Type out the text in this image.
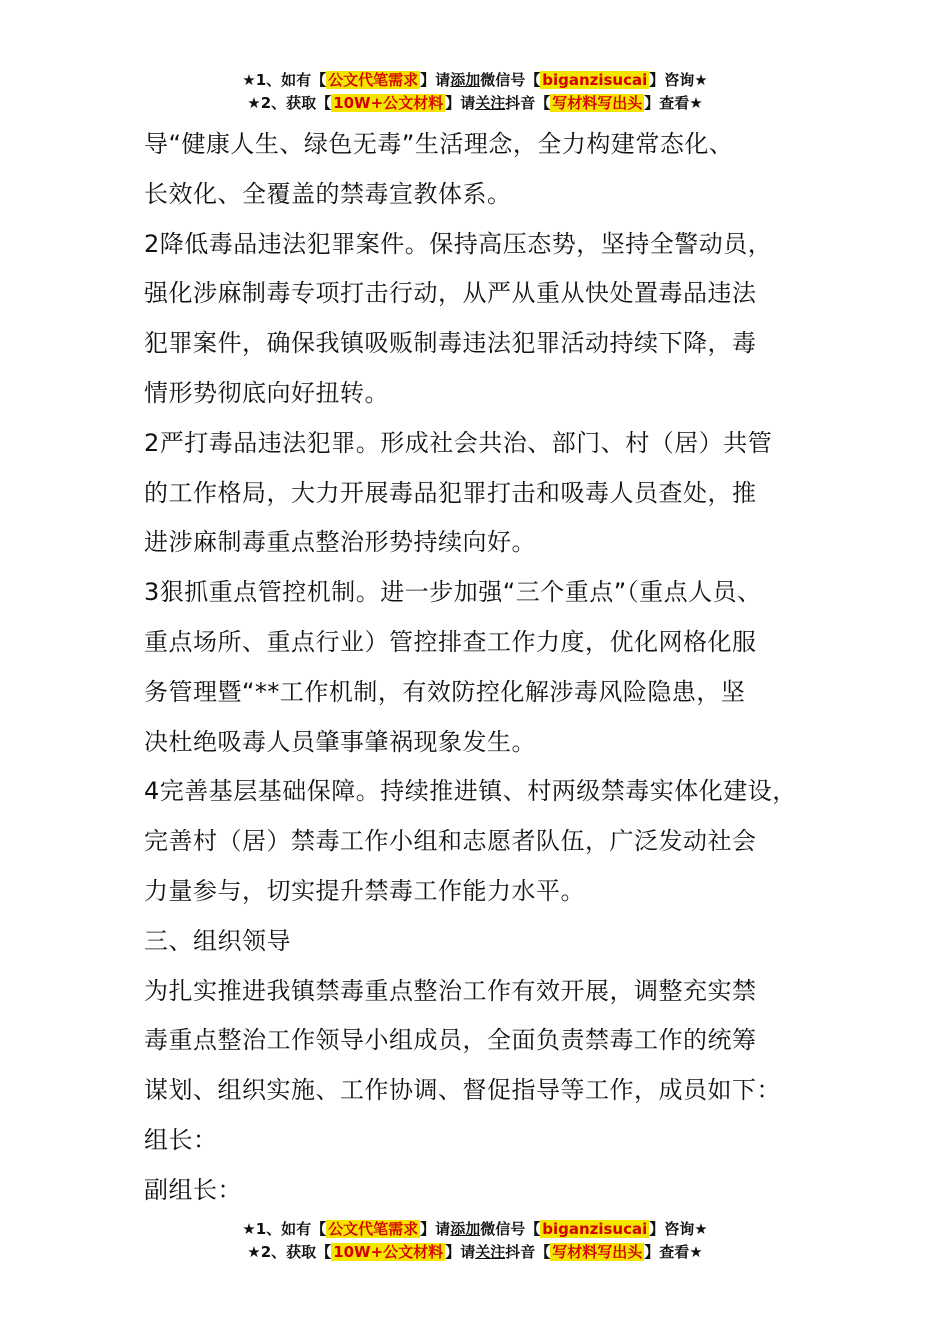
★1、如有【 公文代笔需求 】请添加微信号【 biganzisucai 】咨询★
★2、获取【 10W+公文材料 】请关注抖音【 写材料写出头 】查看★

导“健康人生、绿色无毒”生活理念，全力构建常态化、

长效化、全覆盖的禁毒宣教体系。

2降低毒品违法犯罪案件。保持高压态势，坚持全警动员，

强化涉麻制毒专项打击行动，从严从重从快处置毒品违法

犯罪案件，确保我镇吸贩制毒违法犯罪活动持续下降，毒

情形势彻底向好扭转。

2严打毒品违法犯罪。形成社会共治、部门、村（居）共管

的工作格局，大力开展毒品犯罪打击和吸毒人员查处，推

进涉麻制毒重点整治形势持续向好。

3狠抓重点管控机制。进一步加强“三个重点”（重点人员、

重点场所、重点行业）管控排查工作力度，优化网格化服

务管理暨“**工作机制，有效防控化解涉毒风险隐患，坚

决杜绝吸毒人员肇事肇祸现象发生。

4完善基层基础保障。持续推进镇、村两级禁毒实体化建设，

完善村（居）禁毒工作小组和志愿者队伍，广泛发动社会

力量参与，切实提升禁毒工作能力水平。

三、组织领导

为扎实推进我镇禁毒重点整治工作有效开展，调整充实禁

毒重点整治工作领导小组成员，全面负责禁毒工作的统筹

谋划、组织实施、工作协调、督促指导等工作，成员如下：

组长：

副组长：

★1、如有【 公文代笔需求 】请添加微信号【 biganzisucai 】咨询★
★2、获取【 10W+公文材料 】请关注抖音【 写材料写出头 】查看★
